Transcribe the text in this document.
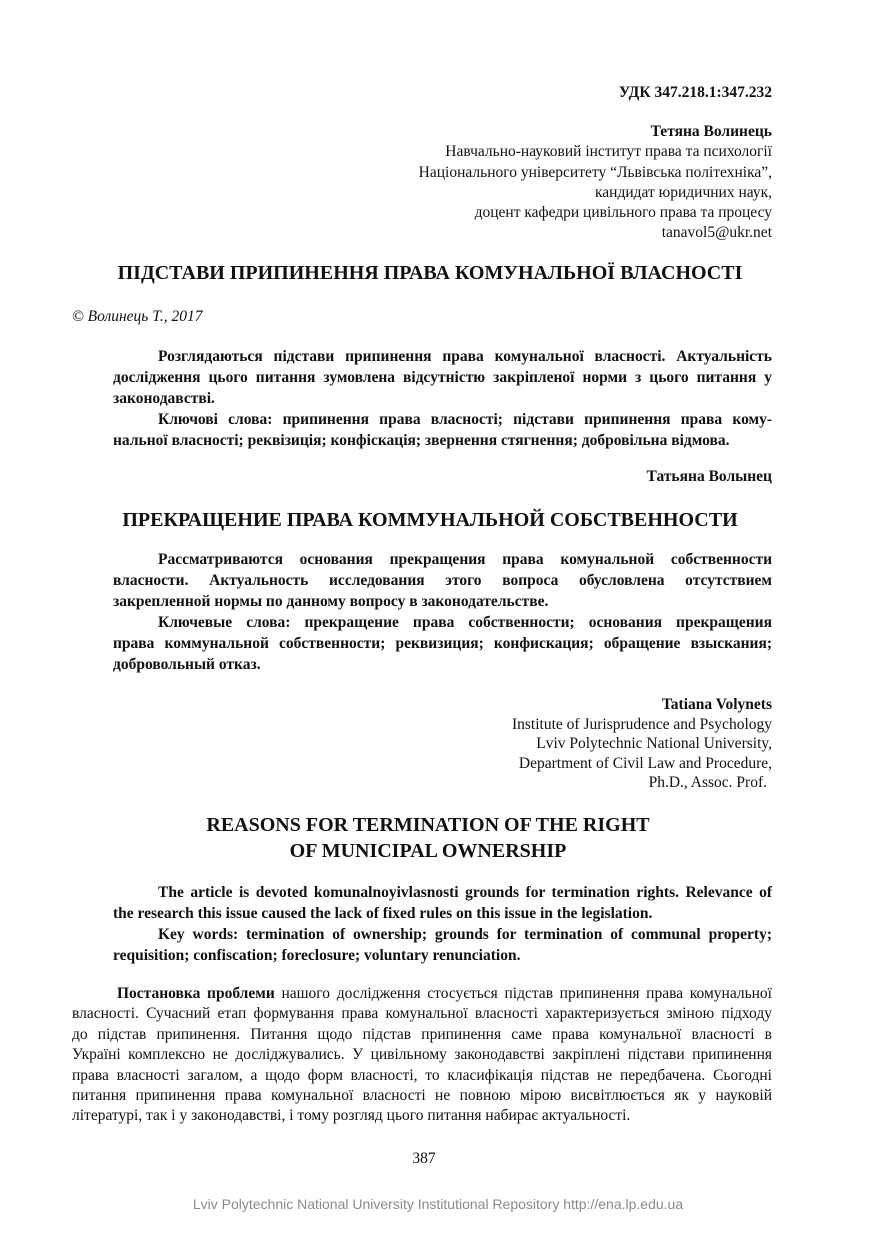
УДК 347.218.1:347.232
Тетяна Волинець
Навчально-науковий інститут права та психології
Національного університету “Львівська політехніка”,
кандидат юридичних наук,
доцент кафедри цивільного права та процесу
tanavol5@ukr.net
ПІДСТАВИ ПРИПИНЕННЯ ПРАВА КОМУНАЛЬНОЇ ВЛАСНОСТІ
© Волинець Т., 2017
Розглядаються підстави припинення права комунальної власності. Актуальність
дослідження цього питання зумовлена відсутністю закріпленої норми з цього питання у
законодавстві.
Ключові слова: припинення права власності; підстави припинення права кому-
нальної власності; реквізиція; конфіскація; звернення стягнення; добровільна відмова.
Татьяна Волынец
ПРЕКРАЩЕНИЕ ПРАВА КОММУНАЛЬНОЙ СОБСТВЕННОСТИ
Рассматриваются основания прекращения права комунальной собственности
власности. Актуальность исследования этого вопроса обусловлена отсутствием
закрепленной нормы по данному вопросу в законодательстве.
Ключевые слова: прекращение права собственности; основания прекращения
права коммунальной собственности; реквизиция; конфискация; обращение взыскания;
добровольный отказ.
Tatiana Volynets
Institute of Jurisprudence and Psychology
Lviv Polytechnic National University,
Department of Civil Law and Procedure,
Ph.D., Assoc. Prof.
REASONS FOR TERMINATION OF THE RIGHT
OF MUNICIPAL OWNERSHIP
The article is devoted komunalnoyivlasnosti grounds for termination rights. Relevance of
the research this issue caused the lack of fixed rules on this issue in the legislation.
Key words: termination of ownership; grounds for termination of communal property;
requisition; confiscation; foreclosure; voluntary renunciation.
Постановка проблеми нашого дослідження стосується підстав припинення права комунальної
власності. Сучасний етап формування права комунальної власності характеризується зміною підходу
до підстав припинення. Питання щодо підстав припинення саме права комунальної власності в
Україні комплексно не досліджувались. У цивільному законодавстві закріплені підстави припинення
права власності загалом, а щодо форм власності, то класифікація підстав не передбачена. Сьогодні
питання припинення права комунальної власності не повною мірою висвітлюється як у науковій
літературі, так і у законодавстві, і тому розгляд цього питання набирає актуальності.
387
Lviv Polytechnic National University Institutional Repository http://ena.lp.edu.ua
